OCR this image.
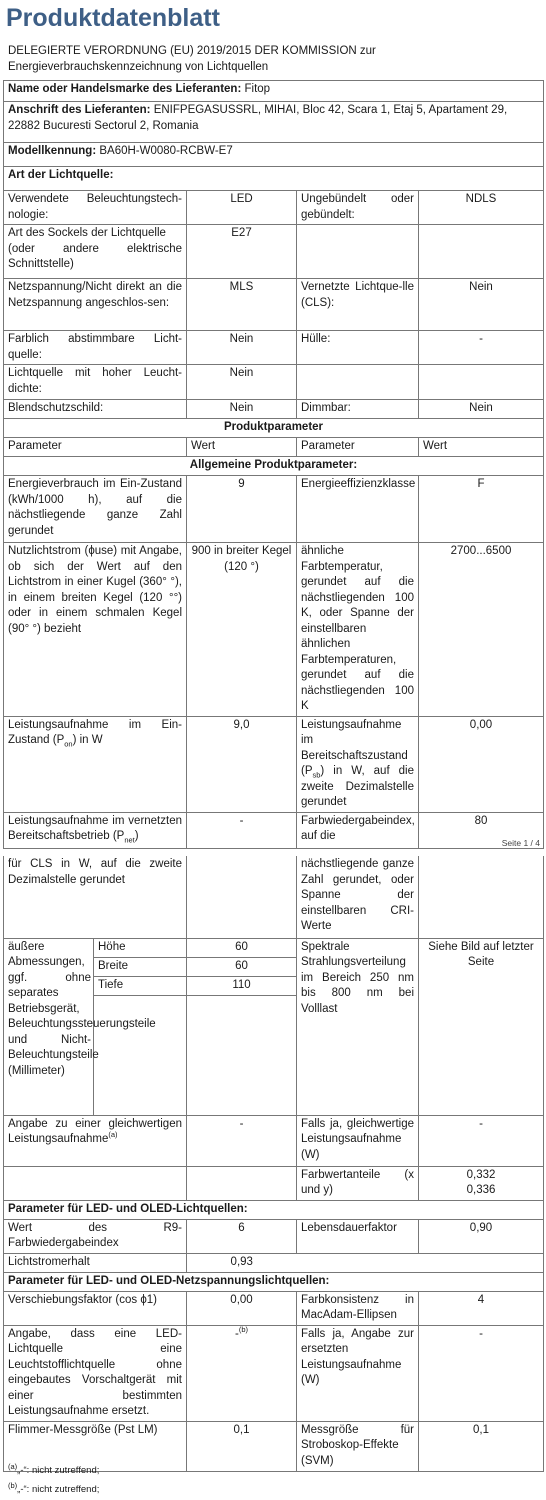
Produktdatenblatt
DELEGIERTE VERORDNUNG (EU) 2019/2015 DER KOMMISSION zur Energieverbrauchskennzeichnung von Lichtquellen
Name oder Handelsmarke des Lieferanten: Fitop			
Anschrift des Lieferanten: ENIFPEGASUSSRL, MIHAI, Bloc 42, Scara 1, Etaj 5, Apartament 29, 22882 Bucuresti Sectorul 2, Romania			
Modellkennung: BA60H-W0080-RCBW-E7			
Art der Lichtquelle:			
Verwendete Beleuchtungstech-nologie:	LED	Ungebündelt oder gebündelt:	NDLS

Art des Sockels der Lichtquelle
(oder andere elektrische Schnittstelle)	E27		
Netzspannung/Nicht direkt an die Netzspannung angeschlos-sen:	MLS	Vernetzte Lichtque-lle (CLS):	Nein
Farblich abstimmbare Licht-quelle:	Nein	Hülle:	-
Lichtquelle mit hoher Leucht-dichte:	Nein		
Blendschutzschild:	Nein	Dimmbar:	Nein
Produktparameter			
Parameter	Wert	Parameter	Wert
Allgemeine Produktparameter:			
Energieverbrauch im Ein-Zustand (kWh/1000 h), auf die nächstliegende ganze Zahl gerundet	9	Energieeffizienzklasse	F
Nutzlichtstrom (ϕuse) mit Angabe, ob sich der Wert auf den Lichtstrom in einer Kugel (360° °), in einem breiten Kegel (120 °°) oder in einem schmalen Kegel (90° °) bezieht	900 in breiter Kegel (120 °)	ähnliche Farbtemperatur, gerundet auf die nächstliegenden 100 K, oder Spanne der einstellbaren ähnlichen Farbtemperaturen, gerundet auf die nächstliegenden 100 K	2700...6500
Leistungsaufnahme im Ein-Zustand $(P_{on})$ in W	9,0	Leistungsaufnahme im Bereitschaftszustand $(P_{sb})$ in W, auf die zweite Dezimalstelle gerundet	0,00
Leistungsaufnahme im vernetzten Bereitschaftsbetrieb $(P_{net})$	-	Farbwiedergabeindex, auf die	80
Seite 1 / 4
für CLS in W, auf die zweite Dezimalstelle gerundet			nächstliegende ganze Zahl gerundet, oder Spanne der einstellbaren CRI-Werte	
äußere Abmessungen, ggf. ohne separates Betriebsgerät, Beleuchtungssteuerungsteile und Nicht-Beleuchtungsteile (Millimeter)	Höhe	60	Spektrale Strahlungsverteilung im Bereich 250 nm bis 800 nm bei Volllast	Siehe Bild auf letzter Seite
	Breite	60		
	Tiefe	110		

Angabe zu einer gleichwertigen Leistungsaufnahme$^{(a)}$		-	Falls ja, gleichwertige Leistungsaufnahme (W)	-
			Farbwertanteile (x und y)	0,332
0,336

Parameter für LED- und OLED-Lichtquellen:				
Wert des R9-Farbwiedergabeindex		6	Lebensdauerfaktor	0,90
Lichtstromerhalt		0,93		
Parameter für LED- und OLED-Netzspannungslichtquellen:				
Verschiebungsfaktor (cos ϕ1)		0,00	Farbkonsistenz in MacAdam-Ellipsen	4
Angabe, dass eine LED-Lichtquelle eine Leuchtstofflichtquelle ohne eingebautes Vorschaltgerät mit einer bestimmten Leistungsaufnahme ersetzt.		-$^{(b)}$	Falls ja, Angabe zur ersetzten Leistungsaufnahme (W)	-
Flimmer-Messgröße (Pst LM)		0,1	Messgröße für Stroboskop-Effekte (SVM)	0,1
$^{(a)}$„-“: nicht zutreffend;
$^{(b)}$„-“: nicht zutreffend;
